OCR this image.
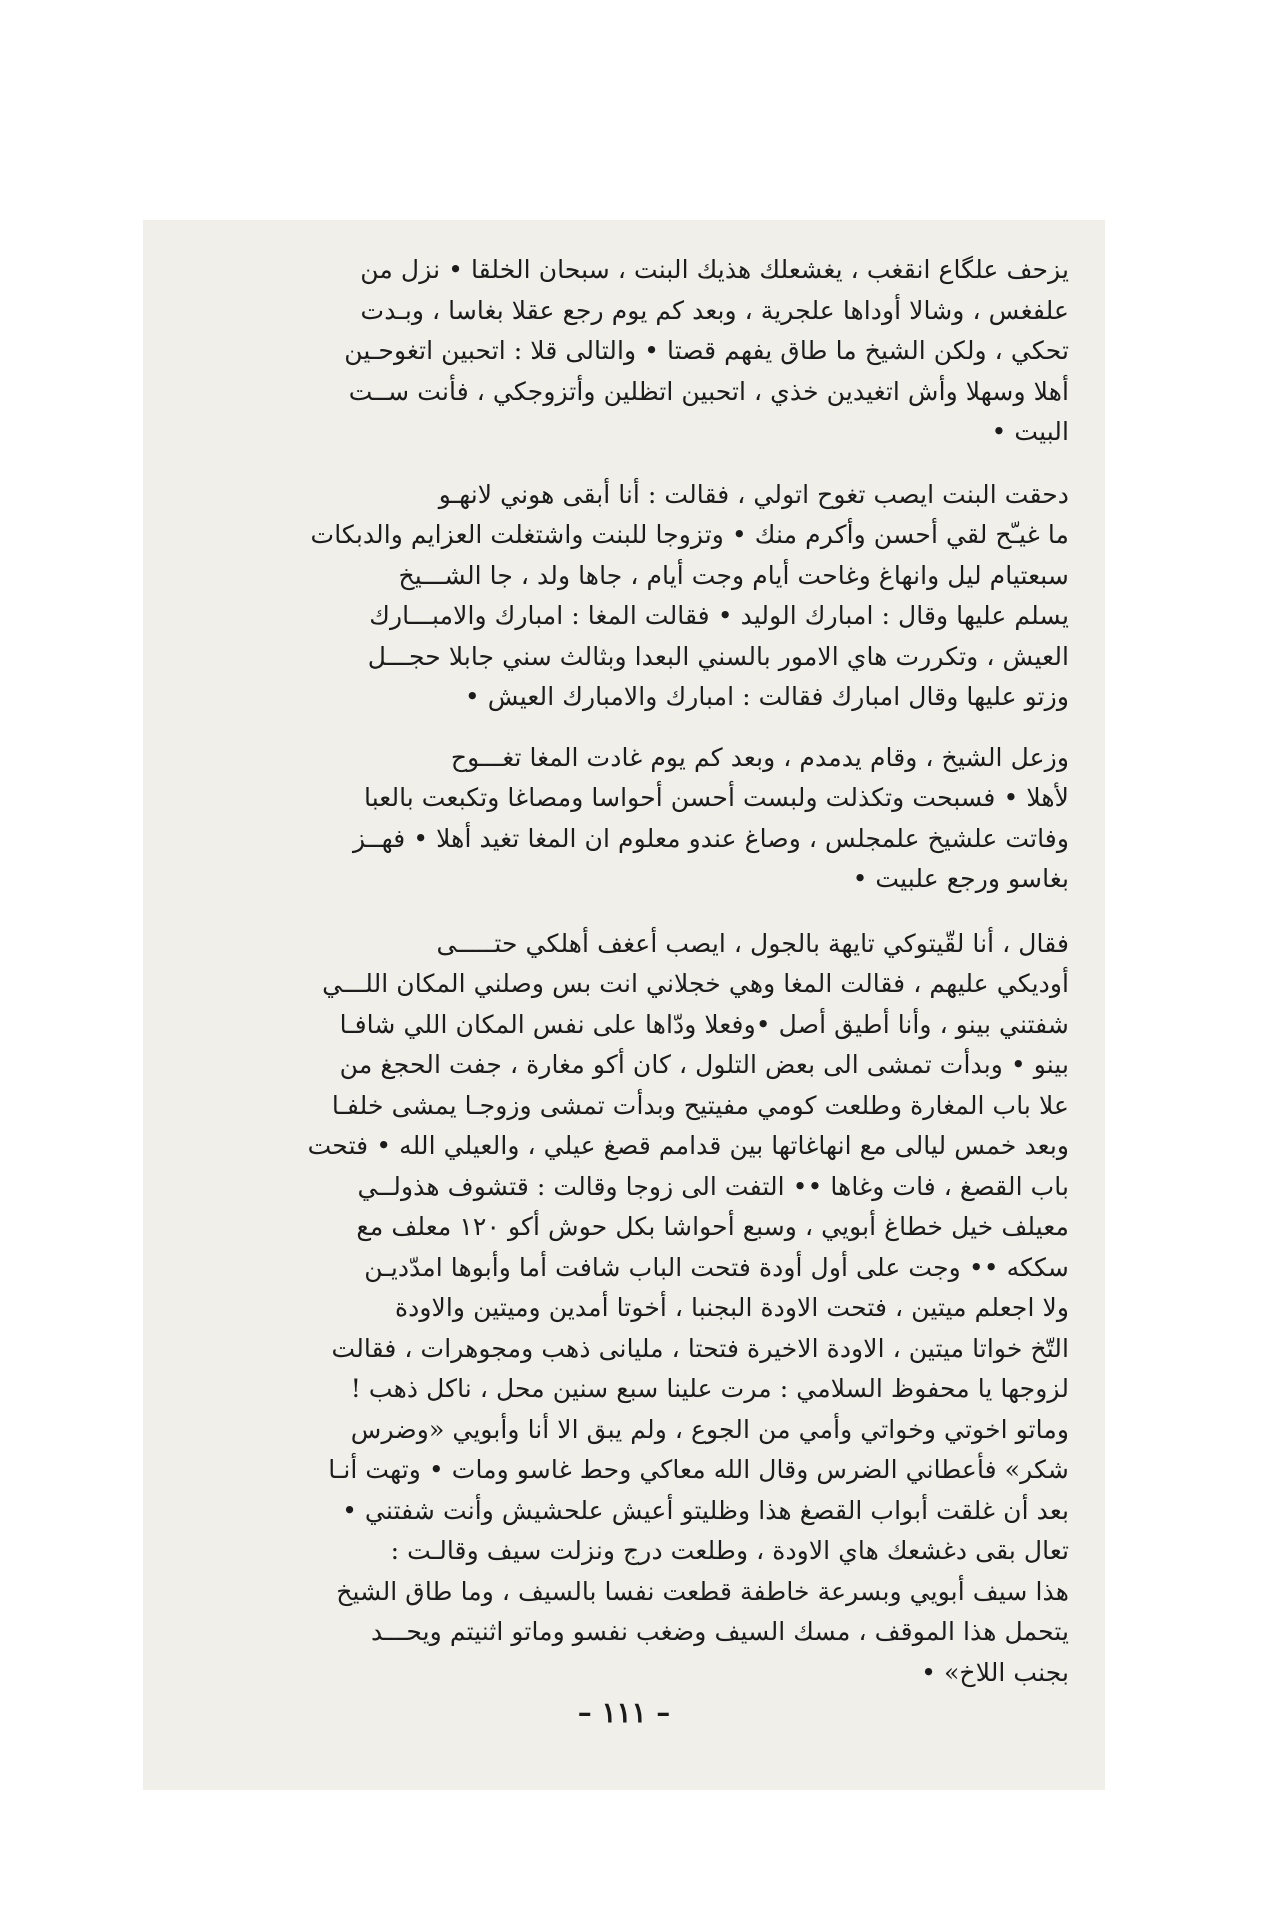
يزحف علگاع انقغب ، يغشعلك هذيك البنت ، سبحان الخلقا • نزل من
علفغس ، وشالا أوداها علجرية ، وبعد كم يوم رجع عقلا بغاسا ، وبـدت
تحكي ، ولكن الشيخ ما طاق يفهم قصتا • والتالى قلا : اتحبين اتغوحـين
أهلا وسهلا وأش اتغيدين خذي ، اتحبين اتظلين وأتزوجكي ، فأنت ســت
البيت •

دحقت البنت ايصب تغوح اتولي ، فقالت : أنا أبقى هوني لانهـو
ما غيـّح لقي أحسن وأكرم منك • وتزوجا للبنت واشتغلت العزايم والدبكات
سبعتيام ليل وانهاغ وغاحت أيام وجت أيام ، جاها ولد ، جا الشـــيخ
يسلم عليها وقال : امبارك الوليد • فقالت المغا : امبارك والامبـــارك
العيش ، وتكررت هاي الامور بالسني البعدا وبثالث سني جابلا حجـــل
وزتو عليها وقال امبارك فقالت : امبارك والامبارك العيش •

وزعل الشيخ ، وقام يدمدم ، وبعد كم يوم غادت المغا تغـــوح
لأهلا • فسبحت وتكذلت ولبست أحسن أحواسا ومصاغا وتكبعت بالعبا
وفاتت علشيخ علمجلس ، وصاغ عندو معلوم ان المغا تغيد أهلا • فهــز
بغاسو ورجع علبيت •

فقال ، أنا لقّيتوكي تايهة بالجول ، ايصب أعغف أهلكي حتـــــى
أوديكي عليهم ، فقالت المغا وهي خجلاني انت بس وصلني المكان اللـــي
شفتني بينو ، وأنا أطيق أصل •وفعلا ودّاها على نفس المكان اللي شافـا
بينو • وبدأت تمشى الى بعض التلول ، كان أكو مغارة ، جفت الحجغ من
علا باب المغارة وطلعت كومي مفيتيح وبدأت تمشى وزوجـا يمشى خلفـا
وبعد خمس ليالى مع انهاغاتها بين قدامم قصغ عيلي ، والعيلي الله • فتحت
باب القصغ ، فات وغاها •• التفت الى زوجا وقالت : قتشوف هذولــي
معيلف خيل خطاغ أبويي ، وسبع أحواشا بكل حوش أكو ١٢٠ معلف مع
سككه •• وجت على أول أودة فتحت الباب شافت أما وأبوها امدّديـن
ولا اجعلم ميتين ، فتحت الاودة البجنبا ، أخوتا أمدين وميتين والاودة
التّخ خواتا ميتين ، الاودة الاخيرة فتحتا ، مليانى ذهب ومجوهرات ، فقالت
لزوجها يا محفوظ السلامي : مرت علينا سبع سنين محل ، ناكل ذهب !
وماتو اخوتي وخواتي وأمي من الجوع ، ولم يبق الا أنا وأبويي «وضرس
شكر» فأعطاني الضرس وقال الله معاكي وحط غاسو ومات • وتهت أنـا
بعد أن غلقت أبواب القصغ هذا وظليتو أعيش علحشيش وأنت شفتني •
تعال بقى دغشعك هاي الاودة ، وطلعت درج ونزلت سيف وقالـت :
هذا سيف أبويي وبسرعة خاطفة قطعت نفسا بالسيف ، وما طاق الشيخ
يتحمل هذا الموقف ، مسك السيف وضغب نفسو وماتو اثنيتم ويحـــد
بجنب اللاخ» •

– ١١١ –
